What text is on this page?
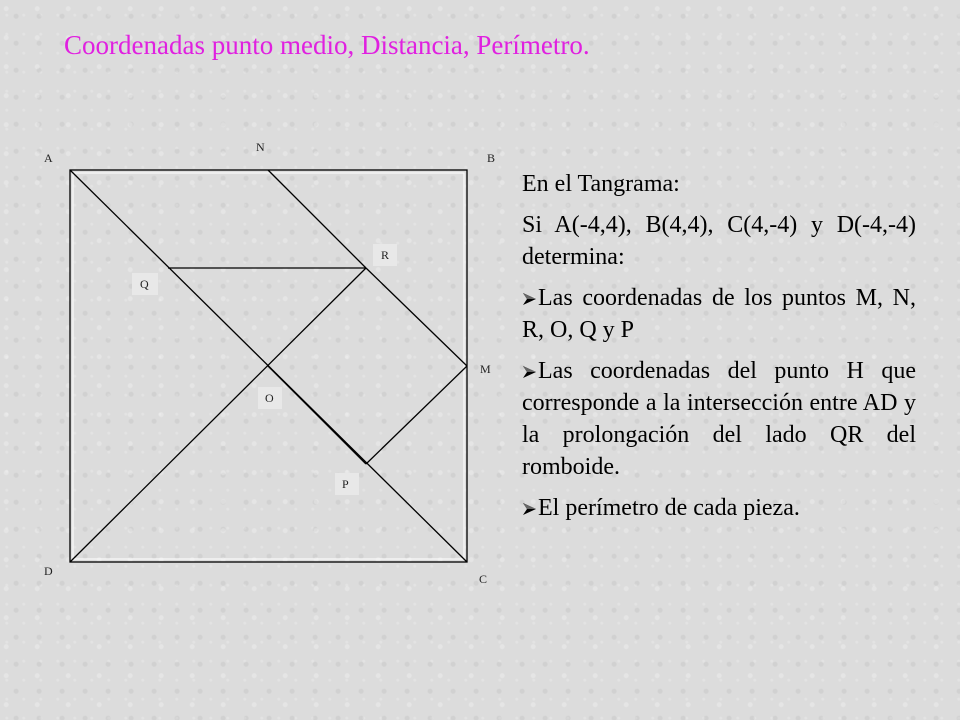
Coordenadas punto medio, Distancia, Perímetro.
A
N
B
R
Q
M
O
P
D
C

En el Tangrama:

Si A(-4,4), B(4,4), C(4,-4) y D(-4,-4) determina:

Las coordenadas de los puntos M, N, R, O, Q y P
Las coordenadas del punto H que corresponde a la intersección entre AD y la prolongación del lado QR del romboide.
El perímetro de cada pieza.
